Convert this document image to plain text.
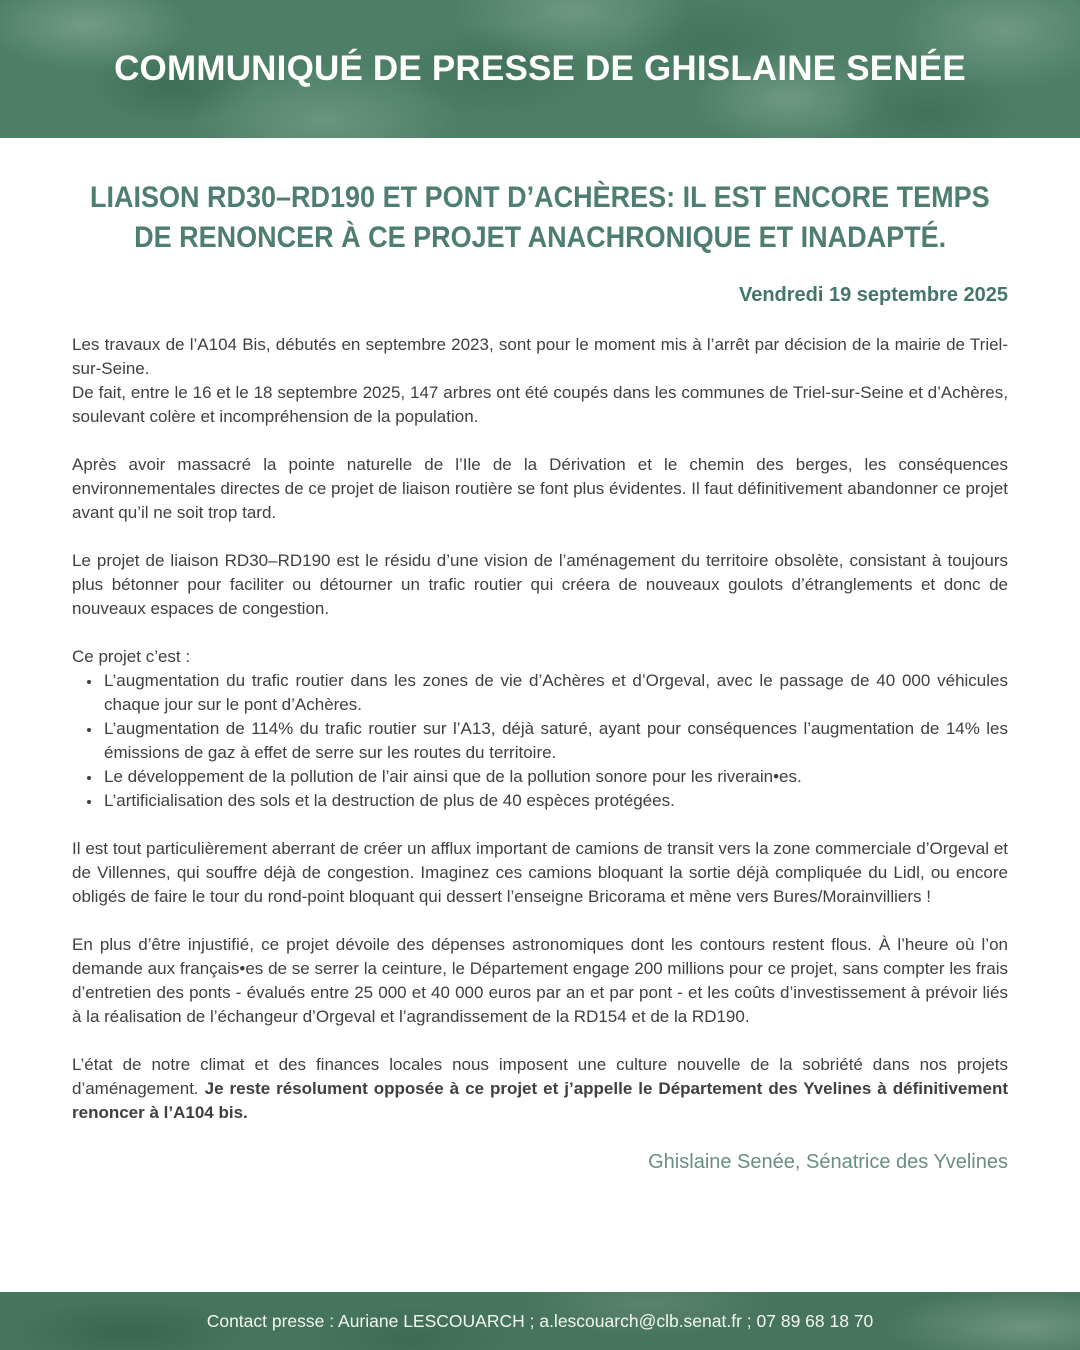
COMMUNIQUÉ DE PRESSE DE GHISLAINE SENÉE
LIAISON RD30–RD190 ET PONT D’ACHÈRES: IL EST ENCORE TEMPS
DE RENONCER À CE PROJET ANACHRONIQUE ET INADAPTÉ.
Vendredi 19 septembre 2025

Les travaux de l’A104 Bis, débutés en septembre 2023, sont pour le moment mis à l’arrêt par décision de la mairie de Triel-sur-Seine.

De fait, entre le 16 et le 18 septembre 2025, 147 arbres ont été coupés dans les communes de Triel-sur-Seine et d’Achères, soulevant colère et incompréhension de la population.

Après avoir massacré la pointe naturelle de l’Ile de la Dérivation et le chemin des berges, les conséquences environnementales directes de ce projet de liaison routière se font plus évidentes. Il faut définitivement abandonner ce projet avant qu’il ne soit trop tard.

Le projet de liaison RD30–RD190 est le résidu d’une vision de l’aménagement du territoire obsolète, consistant à toujours plus bétonner pour faciliter ou détourner un trafic routier qui créera de nouveaux goulots d’étranglements et donc de nouveaux espaces de congestion.

Ce projet c’est :

• L’augmentation du trafic routier dans les zones de vie d’Achères et d’Orgeval, avec le passage de 40 000 véhicules chaque jour sur le pont d’Achères.
• L’augmentation de 114% du trafic routier sur l’A13, déjà saturé, ayant pour conséquences l’augmentation de 14% les émissions de gaz à effet de serre sur les routes du territoire.
• Le développement de la pollution de l’air ainsi que de la pollution sonore pour les riverain•es.
• L’artificialisation des sols et la destruction de plus de 40 espèces protégées.

Il est tout particulièrement aberrant de créer un afflux important de camions de transit vers la zone commerciale d’Orgeval et de Villennes, qui souffre déjà de congestion. Imaginez ces camions bloquant la sortie déjà compliquée du Lidl, ou encore obligés de faire le tour du rond-point bloquant qui dessert l’enseigne Bricorama et mène vers Bures/Morainvilliers !

En plus d’être injustifié, ce projet dévoile des dépenses astronomiques dont les contours restent flous. À l’heure où l’on demande aux français•es de se serrer la ceinture, le Département engage 200 millions pour ce projet, sans compter les frais d’entretien des ponts - évalués entre 25 000 et 40 000 euros par an et par pont - et les coûts d’investissement à prévoir liés à la réalisation de l’échangeur d’Orgeval et l’agrandissement de la RD154 et de la RD190.

L’état de notre climat et des finances locales nous imposent une culture nouvelle de la sobriété dans nos projets d’aménagement. Je reste résolument opposée à ce projet et j’appelle le Département des Yvelines à définitivement renoncer à l’A104 bis.

Ghislaine Senée, Sénatrice des Yvelines
Contact presse : Auriane LESCOUARCH ; a.lescouarch@clb.senat.fr ; 07 89 68 18 70
